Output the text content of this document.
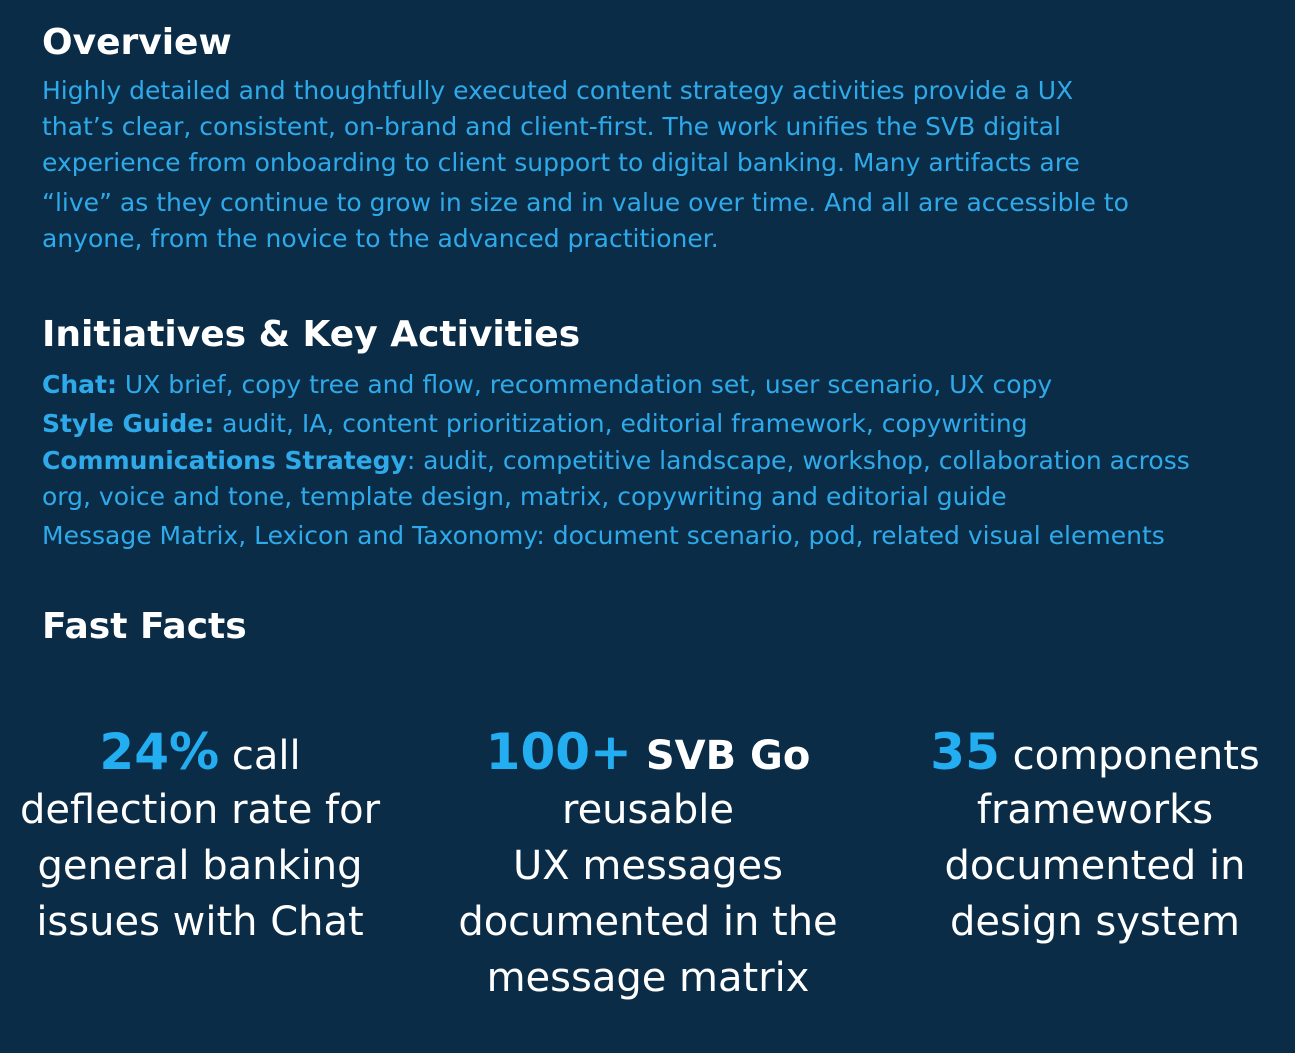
Overview

Highly detailed and thoughtfully executed content strategy activities provide a UX

that’s clear, consistent, on-brand and client-first. The work unifies the SVB digital

experience from onboarding to client support to digital banking. Many artifacts are

“live” as they continue to grow in size and in value over time. And all are accessible to

anyone, from the novice to the advanced practitioner.

Initiatives & Key Activities

Chat: UX brief, copy tree and flow, recommendation set, user scenario, UX copy

Style Guide: audit, IA, content prioritization, editorial framework, copywriting

Communications Strategy: audit, competitive landscape, workshop, collaboration across

org, voice and tone, template design, matrix, copywriting and editorial guide

Message Matrix, Lexicon and Taxonomy: document scenario, pod, related visual elements

Fast Facts
24% call
deflection rate for
general banking
issues with Chat
100+ SVB Go
reusable
UX messages
documented in the
message matrix
35 components
frameworks
documented in
design system
